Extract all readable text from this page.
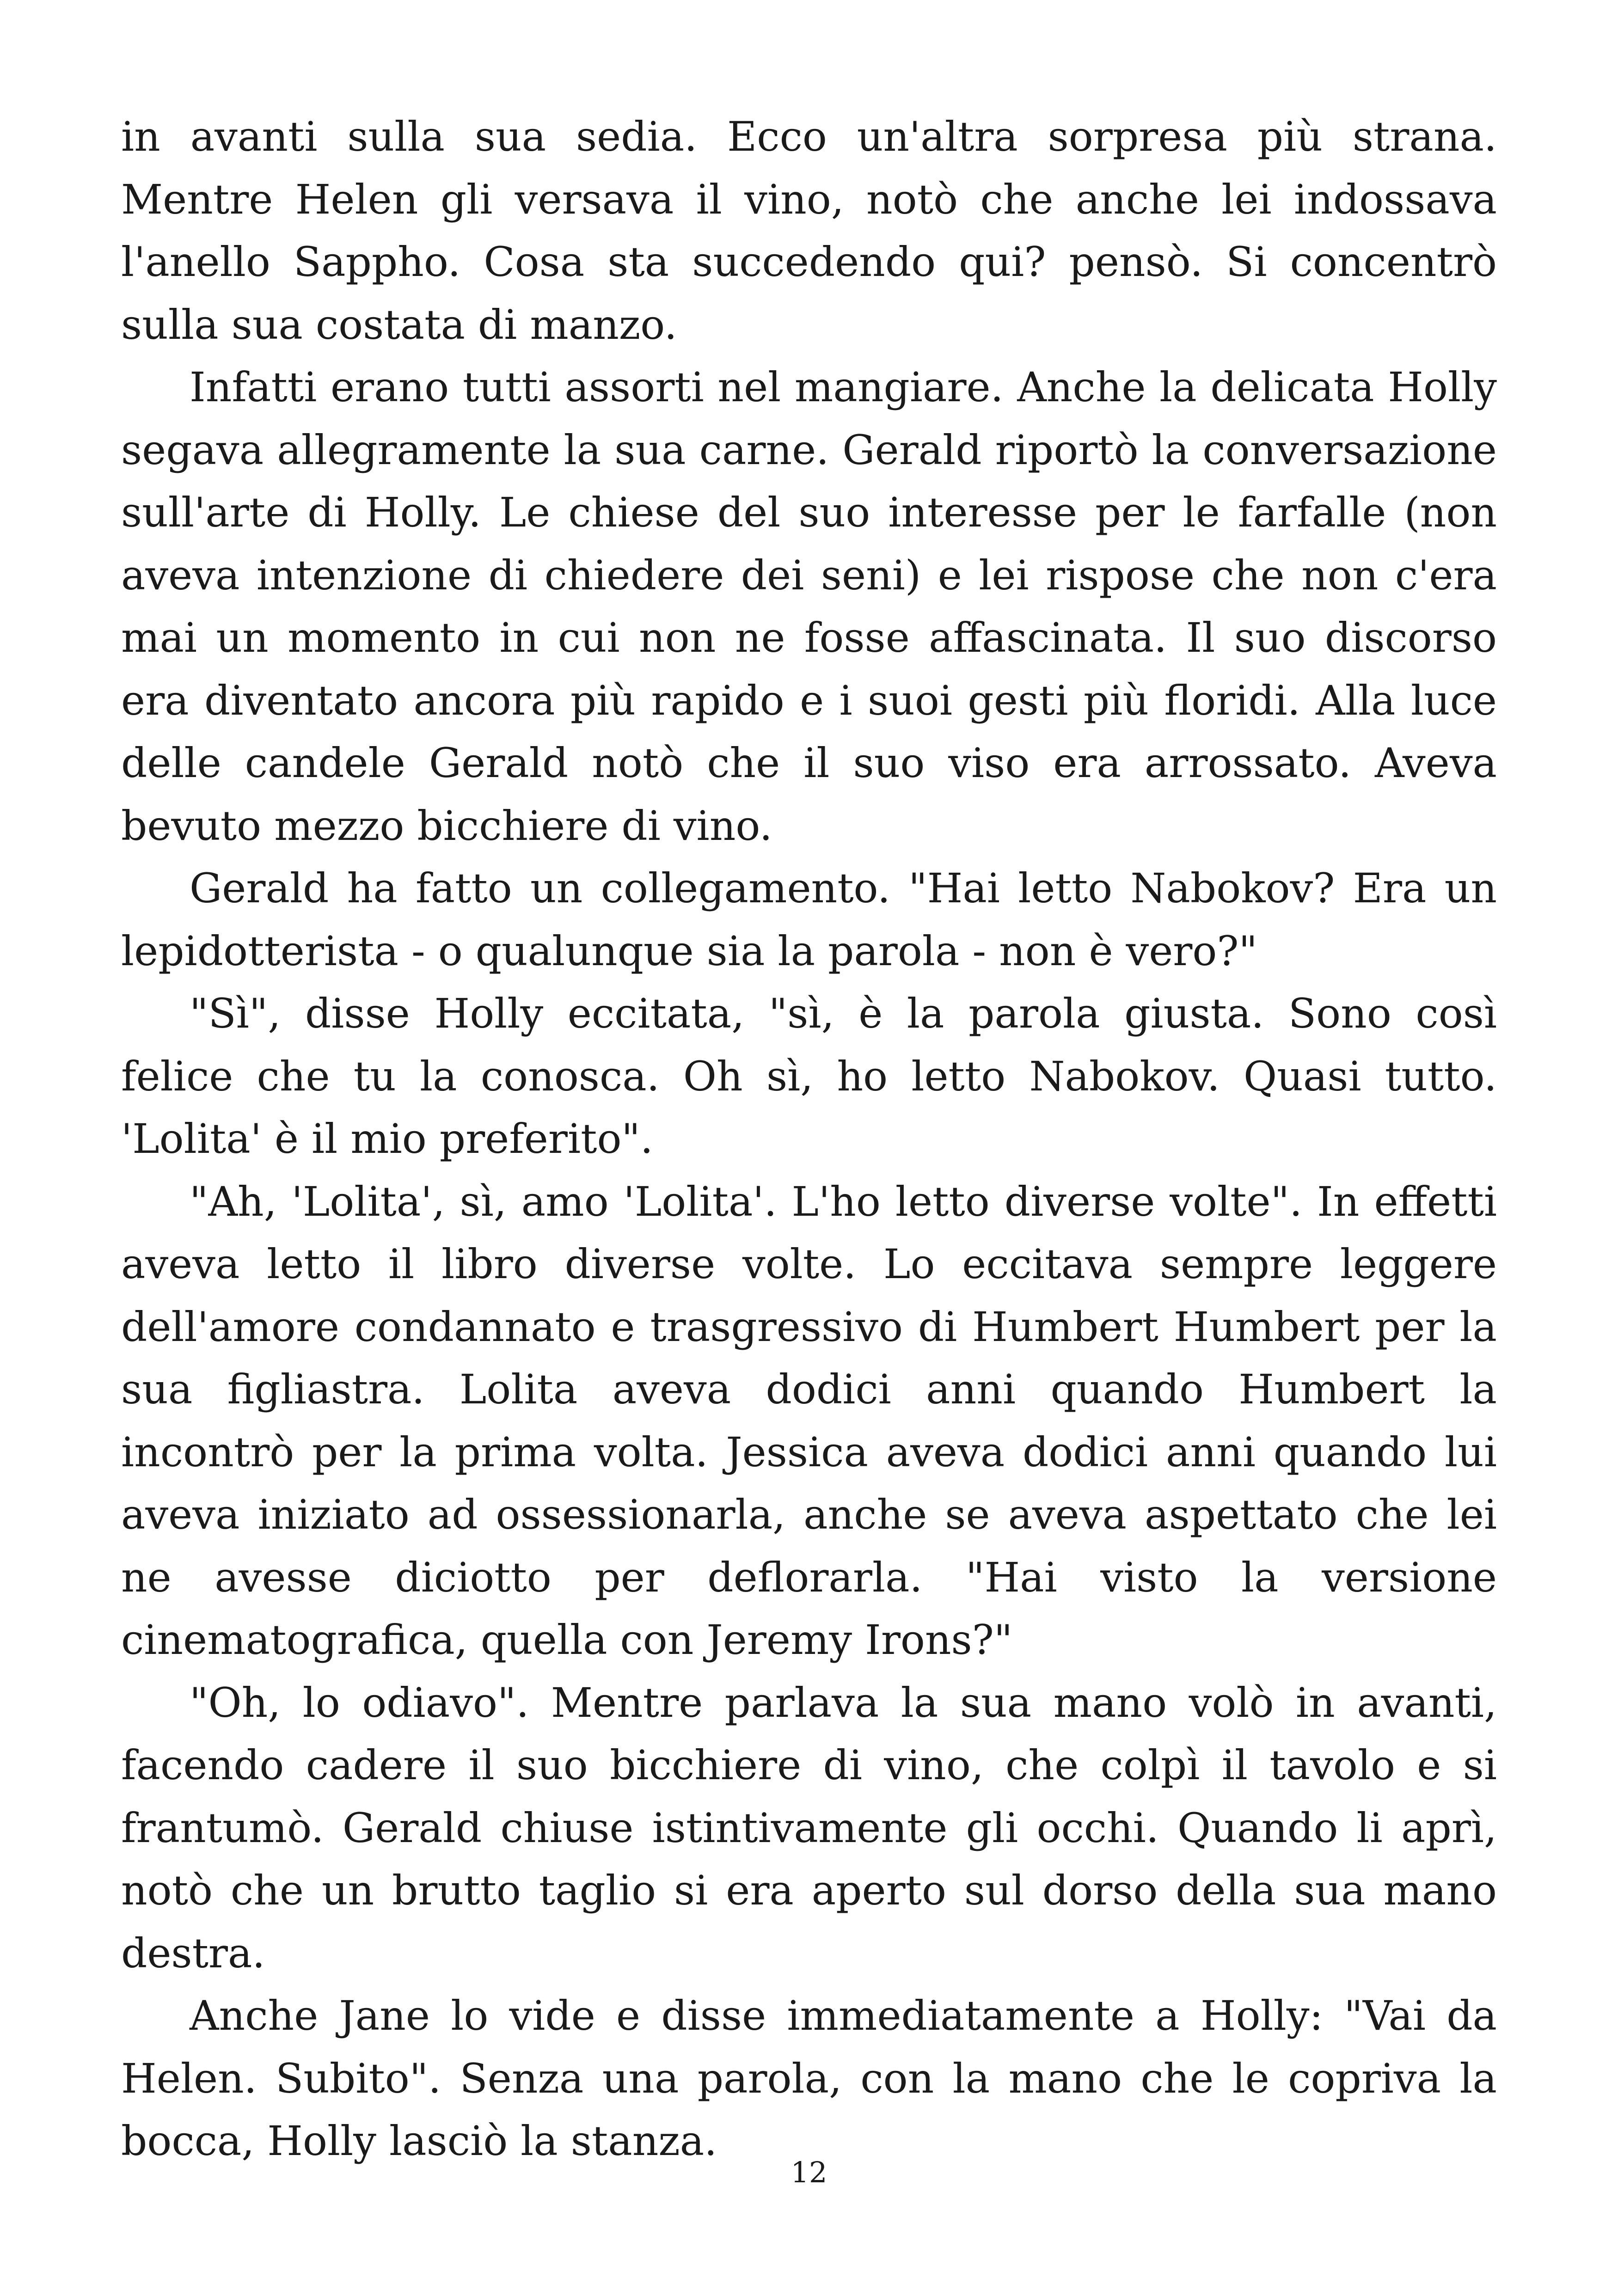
in avanti sulla sua sedia. Ecco un'altra sorpresa più strana. Mentre Helen gli versava il vino, notò che anche lei indossava l'anello Sappho. Cosa sta succedendo qui? pensò. Si concentrò sulla sua costata di manzo.

Infatti erano tutti assorti nel mangiare. Anche la delicata Holly segava allegramente la sua carne. Gerald riportò la conversazione sull'arte di Holly. Le chiese del suo interesse per le farfalle (non aveva intenzione di chiedere dei seni) e lei rispose che non c'era mai un momento in cui non ne fosse affascinata. Il suo discorso era diventato ancora più rapido e i suoi gesti più floridi. Alla luce delle candele Gerald notò che il suo viso era arrossato. Aveva bevuto mezzo bicchiere di vino.

Gerald ha fatto un collegamento. "Hai letto Nabokov? Era un lepidotterista - o qualunque sia la parola - non è vero?"

"Sì", disse Holly eccitata, "sì, è la parola giusta. Sono così felice che tu la conosca. Oh sì, ho letto Nabokov. Quasi tutto. 'Lolita' è il mio preferito".

"Ah, 'Lolita', sì, amo 'Lolita'. L'ho letto diverse volte". In effetti aveva letto il libro diverse volte. Lo eccitava sempre leggere dell'amore condannato e trasgressivo di Humbert Humbert per la sua figliastra. Lolita aveva dodici anni quando Humbert la incontrò per la prima volta. Jessica aveva dodici anni quando lui aveva iniziato ad ossessionarla, anche se aveva aspettato che lei ne avesse diciotto per deflorarla. "Hai visto la versione cinematografica, quella con Jeremy Irons?"

"Oh, lo odiavo". Mentre parlava la sua mano volò in avanti, facendo cadere il suo bicchiere di vino, che colpì il tavolo e si frantumò. Gerald chiuse istintivamente gli occhi. Quando li aprì, notò che un brutto taglio si era aperto sul dorso della sua mano destra.

Anche Jane lo vide e disse immediatamente a Holly: "Vai da Helen. Subito". Senza una parola, con la mano che le copriva la bocca, Holly lasciò la stanza.

12
